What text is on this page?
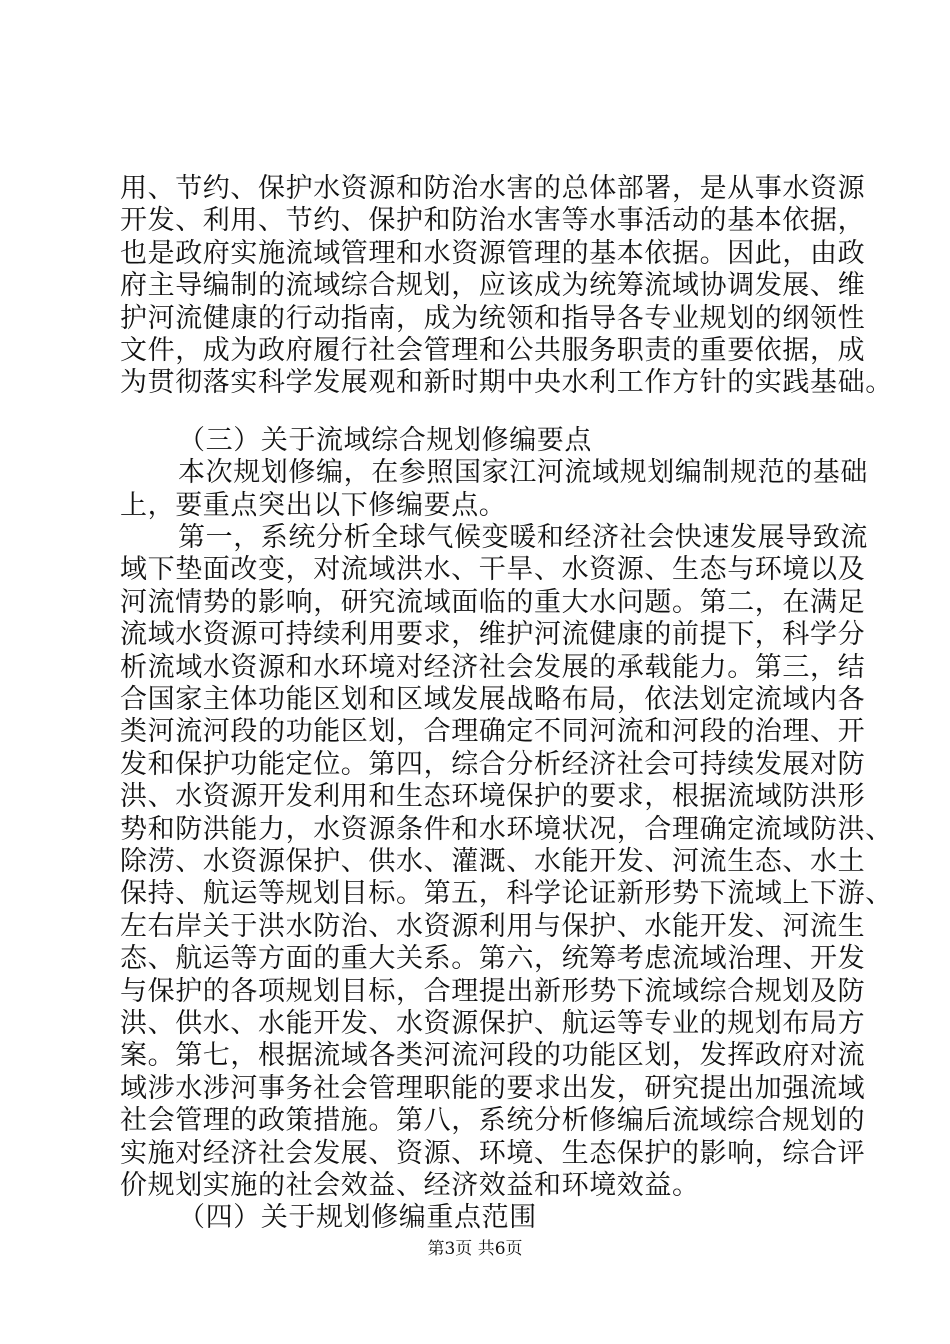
用、节约、保护水资源和防治水害的总体部署，是从事水资源
开发、利用、节约、保护和防治水害等水事活动的基本依据，
也是政府实施流域管理和水资源管理的基本依据。因此，由政
府主导编制的流域综合规划，应该成为统筹流域协调发展、维
护河流健康的行动指南，成为统领和指导各专业规划的纲领性
文件，成为政府履行社会管理和公共服务职责的重要依据，成
为贯彻落实科学发展观和新时期中央水利工作方针的实践基础。
（三）关于流域综合规划修编要点
本次规划修编，在参照国家江河流域规划编制规范的基础
上，要重点突出以下修编要点。
第一，系统分析全球气候变暖和经济社会快速发展导致流
域下垫面改变，对流域洪水、干旱、水资源、生态与环境以及
河流情势的影响，研究流域面临的重大水问题。第二，在满足
流域水资源可持续利用要求，维护河流健康的前提下，科学分
析流域水资源和水环境对经济社会发展的承载能力。第三，结
合国家主体功能区划和区域发展战略布局，依法划定流域内各
类河流河段的功能区划，合理确定不同河流和河段的治理、开
发和保护功能定位。第四，综合分析经济社会可持续发展对防
洪、水资源开发利用和生态环境保护的要求，根据流域防洪形
势和防洪能力，水资源条件和水环境状况，合理确定流域防洪、
除涝、水资源保护、供水、灌溉、水能开发、河流生态、水土
保持、航运等规划目标。第五，科学论证新形势下流域上下游、
左右岸关于洪水防治、水资源利用与保护、水能开发、河流生
态、航运等方面的重大关系。第六，统筹考虑流域治理、开发
与保护的各项规划目标，合理提出新形势下流域综合规划及防
洪、供水、水能开发、水资源保护、航运等专业的规划布局方
案。第七，根据流域各类河流河段的功能区划，发挥政府对流
域涉水涉河事务社会管理职能的要求出发，研究提出加强流域
社会管理的政策措施。第八，系统分析修编后流域综合规划的
实施对经济社会发展、资源、环境、生态保护的影响，综合评
价规划实施的社会效益、经济效益和环境效益。
（四）关于规划修编重点范围
第3页 共6页
